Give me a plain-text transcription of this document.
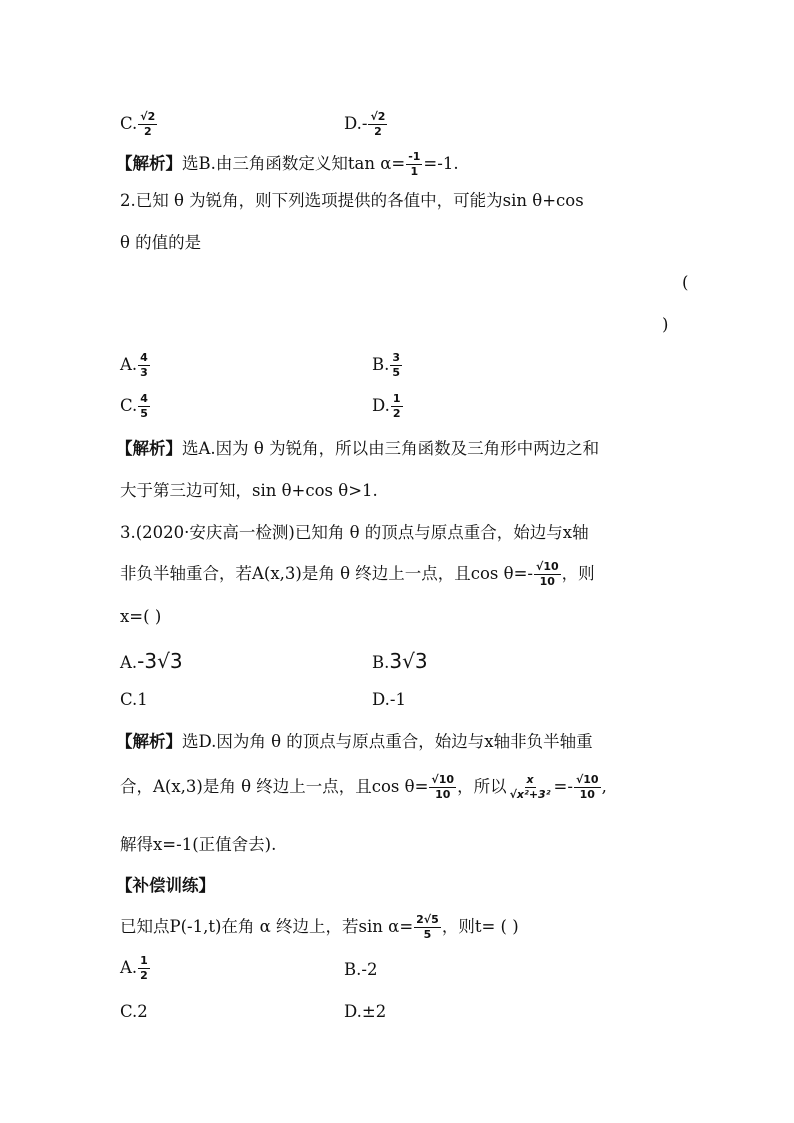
C. $\frac{√2}{2}$	$D.- \frac{√2}{2}$
【解析】选B.由三角函数定义知$\tan \alpha= \frac{-1}{1} =-1$.
2.已知 θ 为锐角，则下列选项提供的各值中，可能为sin θ+cos
θ 的值的是
(
)
A. $\frac{4}{3}$	B. $\frac{3}{5}$
C. $\frac{4}{5}$	D. $\frac{1}{2}$
【解析】选A.因为 θ 为锐角，所以由三角函数及三角形中两边之和
大于第三边可知，sin θ+cos θ>1.
3.(2020·安庆高一检测)已知角 θ 的顶点与原点重合，始边与x轴
非负半轴重合，若A(x,3)是角 θ 终边上一点，且$\cos \theta=- \frac{√10}{10}$ ，则
x=( )
A.-3√3	B.3√3
C.1	D.-1
【解析】选D.因为角 θ 的顶点与原点重合，始边与x轴非负半轴重
合，A(x,3)是角 θ 终边上一点，且$\cos \theta= \frac{√10}{10}$ ，所以 $\frac{x}{\text{√x²+3²}} =- \frac{√10}{10}$ ,
解得x=-1(正值舍去).
【补偿训练】
已知点P(-1,t)在角 α 终边上，若$\sin \alpha= \frac{2√5}{5}$ ，则t= ( )
A. $\frac{1}{2}$	B.-2
C.2	D.±2
